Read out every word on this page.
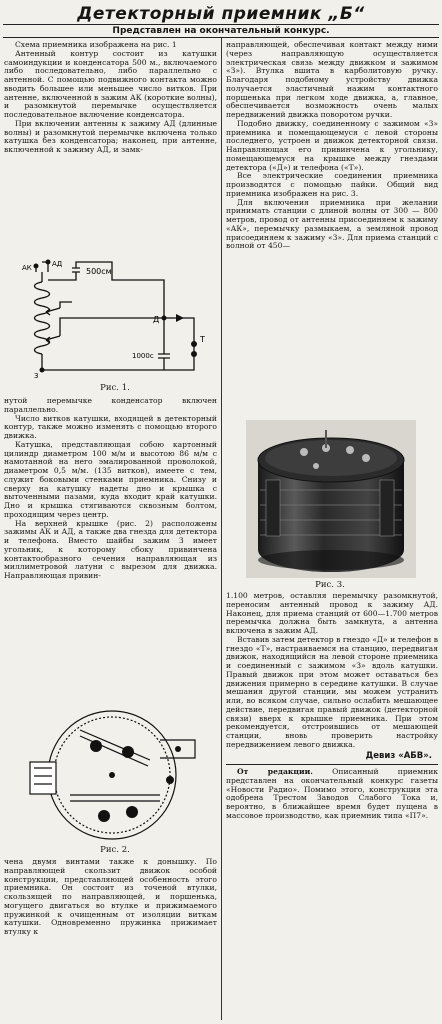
Детекторный приемник „Б“
Представлен на окончательный конкурс.

Схема приемника изображена на рис. 1

Антенный контур состоит из катушки самоиндукции и конденсатора 500 м., включаемого либо последовательно, либо параллельно с антенной. С помощью подвижного контакта можно вводить большее или меньшее число витков. При антенне, включенной в зажим АК (короткие волны), и разомкнутой перемычке осуществляется последовательное включение конденсатора.

При включении антенны к зажиму АД (длинные волны) и разомкнутой перемычке включена только катушка без конденсатора; наконец, при антенне, включенной к зажиму АД, и замк-

АК	АД
500см
Д
Т
1000с
З
Рис. 1.

нутой перемычке конденсатор включен параллельно.

Число витков катушки, входящей в детекторный контур, также можно изменять с помощью второго движка.

Катушка, представляющая собою картонный цилиндр диаметром 100 м/м и высотою 86 м/м с намотанной на него эмалированной проволокой, диаметром 0,5 м/м. (135 витков), имеете с тем, служит боковыми стенками приемника. Снизу и сверху на катушку надеты дно и крышка с выточенными пазами, куда входит край катушки. Дно и крышка стягиваются сквозным болтом, проходящим через центр.

На верхней крышке (рис. 2) расположены зажимы АК и АД, а также два гнезда для детектора и телефона. Вместо шайбы зажим З имеет угольник, к которому сбоку привинчена контактообразного сечения направляющая из миллиметровой латуни с вырезом для движка. Направляющая привин-

Рис. 2.

чена двумя винтами также к донышку. По направляющей скользит движок особой конструкции, представляющей особенность этого приемника. Он состоит из точеной втулки, скользящей по направляющей, и поршенька, могущего двигаться во втулке и прижимаемого пружинкой к очищенным от изоляции виткам катушки. Одновременно пружинка прижимает втулку к

направляющей, обеспечивая контакт между ними (через направляющую осуществляется электрическая связь между движком и зажимом «З»). Втулка вшита в карболитовую ручку. Благодаря подобному устройству движка получается эластичный нажим контактного поршенька при легком ходе движка, а, главное, обеспечивается возможность очень малых передвижений движка поворотом ручки.

Подобно движку, соединенному с зажимом «З» приемника и помещающемуся с левой стороны последнего, устроен и движок детекторной связи. Направляющая его привинчена к угольнику, помещающемуся на крышке между гнездами детектора («Д») и телефона («Т»).

Все электрические соединения приемника производятся с помощью пайки. Общий вид приемника изображен на рис. 3.

Для включения приемника при желании принимать станции с длиной волны от 300 — 800 метров, провод от антенны присоединяем к зажиму «АК», перемычку размыкаем, а земляной провод присоединяем к зажиму «З». Для приема станций с волной от 450—

Рис. 3.

1.100 метров, оставляя перемычку разомкнутой, переносим антенный провод к зажиму АД. Наконец, для приема станций от 600—1.700 метров перемычка должна быть замкнута, а антенна включена в зажим АД.

Вставив затем детектор в гнездо «Д» и телефон в гнездо «Т», настраиваемся на станцию, передвигая движок, находящийся на левой стороне приемника и соединенный с зажимом «З» вдоль катушки. Правый движок при этом может оставаться без движения примерно в середине катушки. В случае мешания другой станции, мы можем устранить или, во всяком случае, сильно ослабить мешающее действие, передвигая правый движок (детекторной связи) вверх к крышке приемника. При этом рекомендуется, отстроившись от мешающей станции, вновь проверить настройку передвижением левого движка.

Девиз «АБВ».

От редакции. Описанный приемник представлен на окончательный конкурс газеты «Новости Радио». Помимо этого, конструкция эта одобрена Трестом Заводов Слабого Тока и, вероятно, в ближайшее время будет пущена в массовое производство, как приемник типа «П7».
